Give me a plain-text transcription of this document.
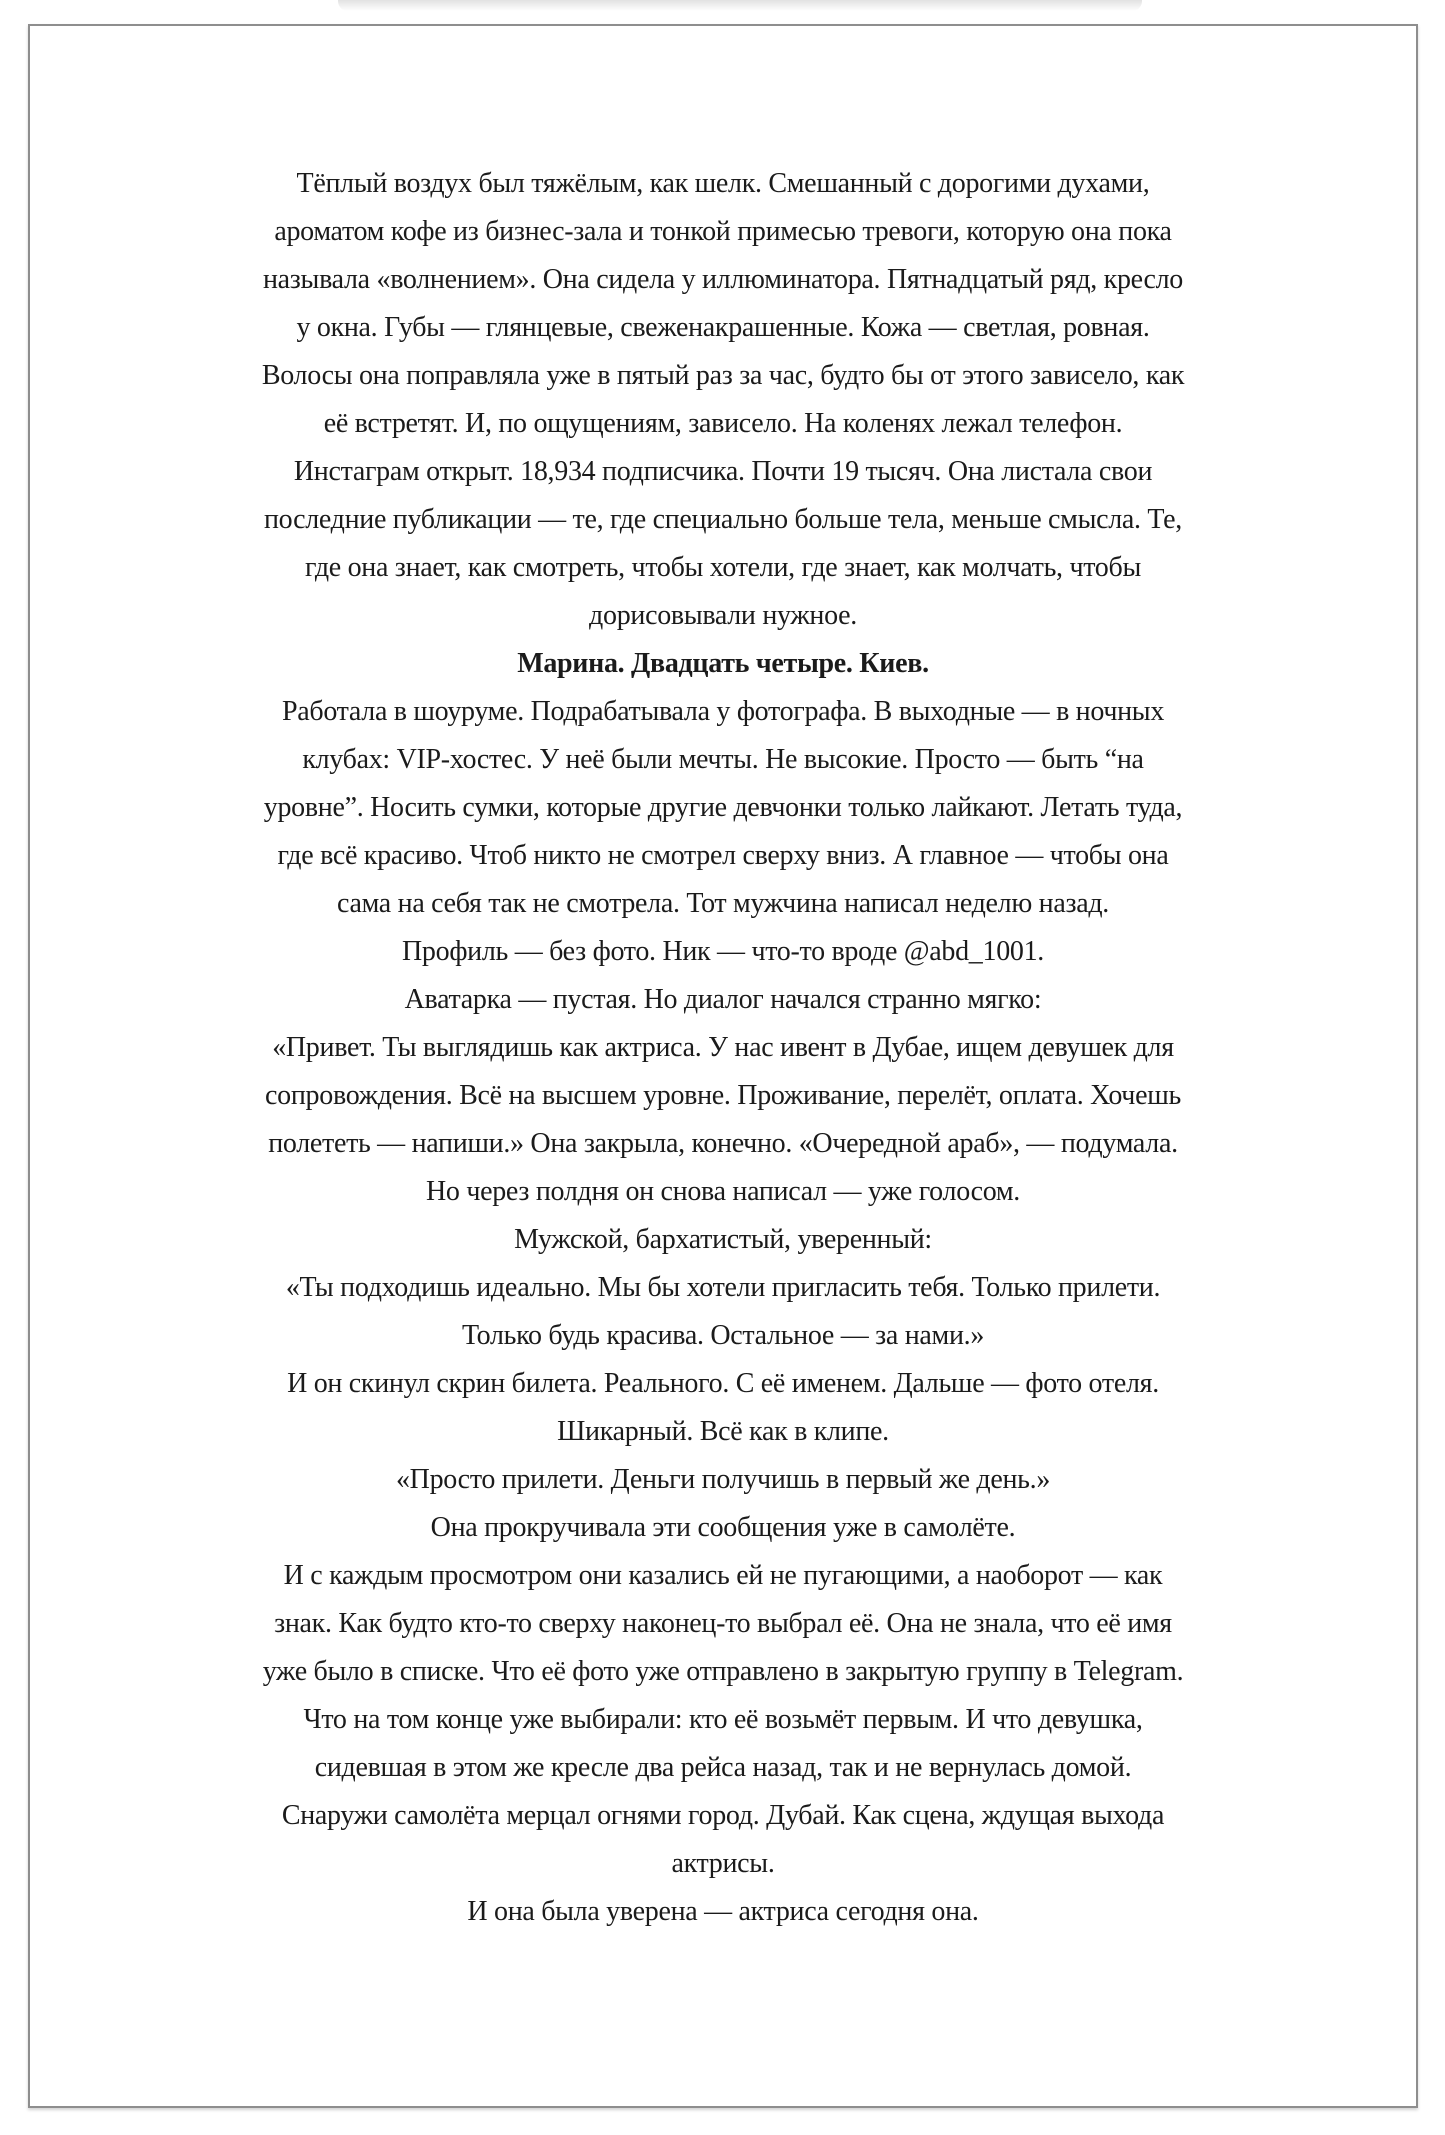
Тёплый воздух был тяжёлым, как шелк. Смешанный с дорогими духами,
ароматом кофе из бизнес-зала и тонкой примесью тревоги, которую она пока
называла «волнением». Она сидела у иллюминатора. Пятнадцатый ряд, кресло
у окна. Губы — глянцевые, свеженакрашенные. Кожа — светлая, ровная.
Волосы она поправляла уже в пятый раз за час, будто бы от этого зависело, как
её встретят. И, по ощущениям, зависело. На коленях лежал телефон.
Инстаграм открыт. 18,934 подписчика. Почти 19 тысяч. Она листала свои
последние публикации — те, где специально больше тела, меньше смысла. Те,
где она знает, как смотреть, чтобы хотели, где знает, как молчать, чтобы
дорисовывали нужное.
Марина. Двадцать четыре. Киев.
Работала в шоуруме. Подрабатывала у фотографа. В выходные — в ночных
клубах: VIP-хостес. У неё были мечты. Не высокие. Просто — быть “на
уровне”. Носить сумки, которые другие девчонки только лайкают. Летать туда,
где всё красиво. Чтоб никто не смотрел сверху вниз. А главное — чтобы она
сама на себя так не смотрела. Тот мужчина написал неделю назад.
Профиль — без фото. Ник — что-то вроде @abd_1001.
Аватарка — пустая. Но диалог начался странно мягко:
«Привет. Ты выглядишь как актриса. У нас ивент в Дубае, ищем девушек для
сопровождения. Всё на высшем уровне. Проживание, перелёт, оплата. Хочешь
полететь — напиши.» Она закрыла, конечно. «Очередной араб», — подумала.
Но через полдня он снова написал — уже голосом.
Мужской, бархатистый, уверенный:
«Ты подходишь идеально. Мы бы хотели пригласить тебя. Только прилети.
Только будь красива. Остальное — за нами.»
И он скинул скрин билета. Реального. С её именем. Дальше — фото отеля.
Шикарный. Всё как в клипе.
«Просто прилети. Деньги получишь в первый же день.»
Она прокручивала эти сообщения уже в самолёте.
И с каждым просмотром они казались ей не пугающими, а наоборот — как
знак. Как будто кто-то сверху наконец-то выбрал её. Она не знала, что её имя
уже было в списке. Что её фото уже отправлено в закрытую группу в Telegram.
Что на том конце уже выбирали: кто её возьмёт первым. И что девушка,
сидевшая в этом же кресле два рейса назад, так и не вернулась домой.
Снаружи самолёта мерцал огнями город. Дубай. Как сцена, ждущая выхода
актрисы.
И она была уверена — актриса сегодня она.
